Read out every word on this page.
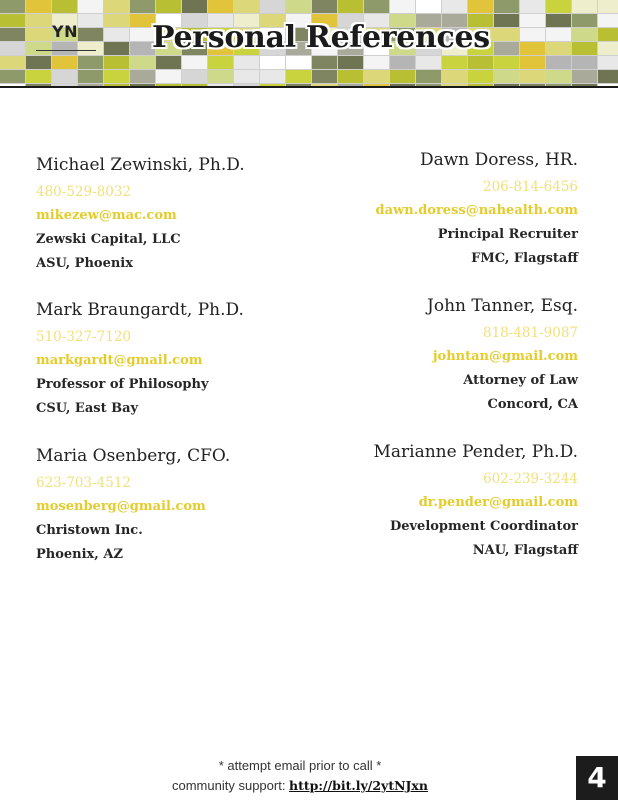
YN Personal References
Michael Zewinski, Ph.D.
480-529-8032
mikezew@mac.com
Zewski Capital, LLC
ASU, Phoenix
Mark Braungardt, Ph.D.
510-327-7120
markgardt@gmail.com
Professor of Philosophy
CSU, East Bay
Maria Osenberg, CFO.
623-703-4512
mosenberg@gmail.com
Christown Inc.
Phoenix, AZ
Dawn Doress, HR.
206-814-6456
dawn.doress@nahealth.com
Principal Recruiter
FMC, Flagstaff
John Tanner, Esq.
818-481-9087
johntan@gmail.com
Attorney of Law
Concord, CA
Marianne Pender, Ph.D.
602-239-3244
dr.pender@gmail.com
Development Coordinator
NAU, Flagstaff
* attempt email prior to call *
community support: http://bit.ly/2ytNJxn	4
